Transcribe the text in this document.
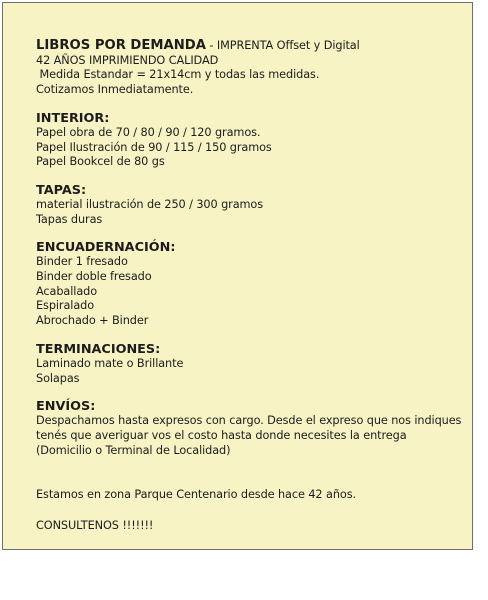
LIBROS POR DEMANDA - IMPRENTA Offset y Digital
42 AÑOS IMPRIMIENDO CALIDAD
Medida Estandar = 21x14cm y todas las medidas.
Cotizamos Inmediatamente.
INTERIOR:
Papel obra de 70 / 80 / 90 / 120 gramos.
Papel Ilustración de 90 / 115 / 150 gramos
Papel Bookcel de 80 gs
TAPAS:
material ilustración de 250 / 300 gramos
Tapas duras
ENCUADERNACIÓN:
Binder 1 fresado
Binder doble fresado
Acaballado
Espiralado
Abrochado + Binder
TERMINACIONES:
Laminado mate o Brillante
Solapas
ENVÍOS:
Despachamos hasta expresos con cargo. Desde el expreso que nos indiques
tenés que averiguar vos el costo hasta donde necesites la entrega
(Domicilio o Terminal de Localidad)
Estamos en zona Parque Centenario desde hace 42 años.
CONSULTENOS !!!!!!!
